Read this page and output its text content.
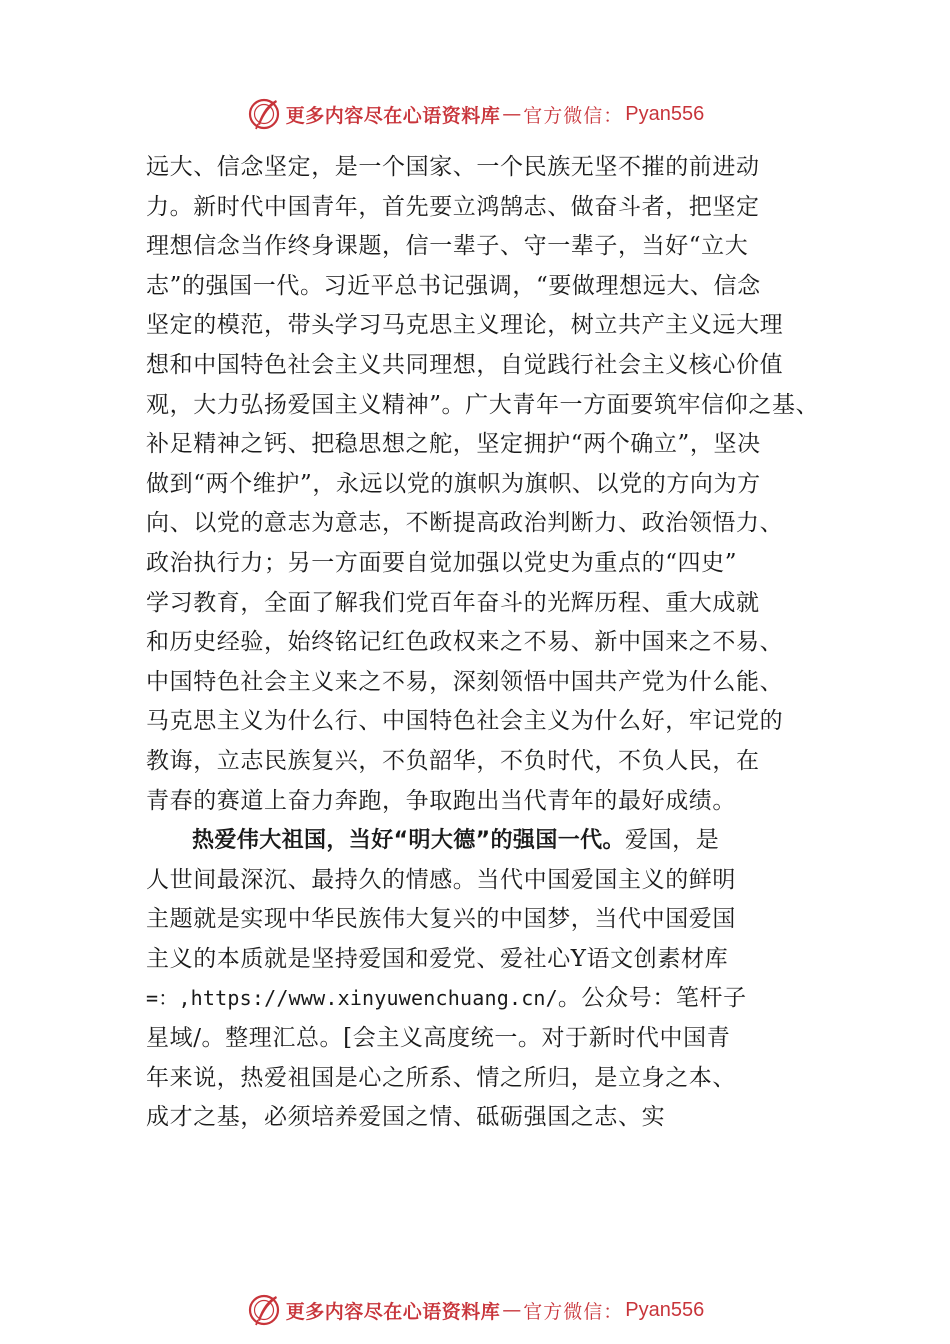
更多内容尽在心语资料库 — 官方微信： Pyan556
远大、信念坚定，是一个国家、一个民族无坚不摧的前进动
力。新时代中国青年，首先要立鸿鹄志、做奋斗者，把坚定
理想信念当作终身课题，信一辈子、守一辈子，当好“立大
志”的强国一代。习近平总书记强调，“要做理想远大、信念
坚定的模范，带头学习马克思主义理论，树立共产主义远大理
想和中国特色社会主义共同理想，自觉践行社会主义核心价值
观，大力弘扬爱国主义精神”。广大青年一方面要筑牢信仰之基、
补足精神之钙、把稳思想之舵，坚定拥护“两个确立”，坚决
做到“两个维护”，永远以党的旗帜为旗帜、以党的方向为方
向、以党的意志为意志，不断提高政治判断力、政治领悟力、
政治执行力；另一方面要自觉加强以党史为重点的“四史”
学习教育，全面了解我们党百年奋斗的光辉历程、重大成就
和历史经验，始终铭记红色政权来之不易、新中国来之不易、
中国特色社会主义来之不易，深刻领悟中国共产党为什么能、
马克思主义为什么行、中国特色社会主义为什么好，牢记党的
教诲，立志民族复兴，不负韶华，不负时代，不负人民，在
青春的赛道上奋力奔跑，争取跑出当代青年的最好成绩。
热爱伟大祖国，当好“明大德”的强国一代。爱国，是
人世间最深沉、最持久的情感。当代中国爱国主义的鲜明
主题就是实现中华民族伟大复兴的中国梦，当代中国爱国
主义的本质就是坚持爱国和爱党、爱社心Y语文创素材库
=：,https://www.xinyuwenchuang.cn/。公众号：笔杆子
星域/。整理汇总。[会主义高度统一。对于新时代中国青
年来说，热爱祖国是心之所系、情之所归，是立身之本、
成才之基，必须培养爱国之情、砥砺强国之志、实
更多内容尽在心语资料库 — 官方微信： Pyan556
